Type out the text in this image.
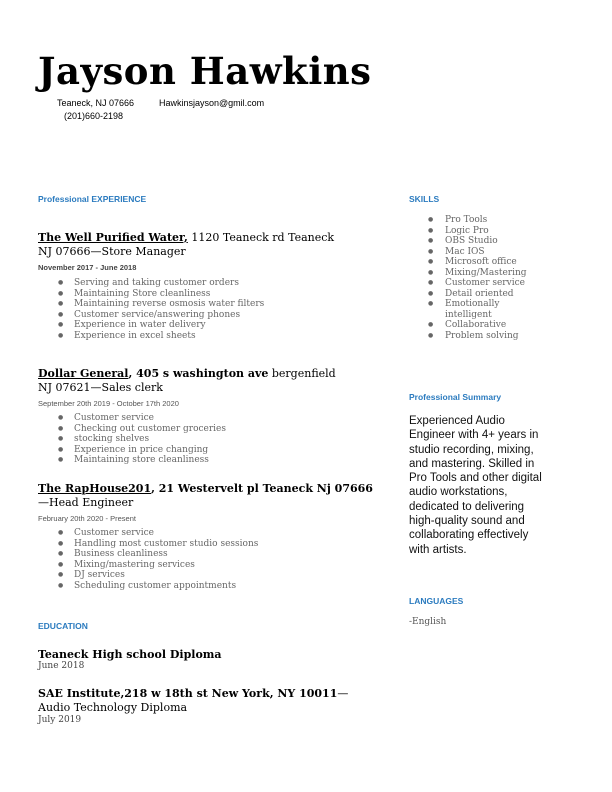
Jayson Hawkins
Teaneck, NJ 07666	Hawkinsjayson@gmil.com
(201)660-2198
Professional EXPERIENCE
The Well Purified Water, 1120 Teaneck rd Teaneck NJ 07666—Store Manager
November 2017 - June 2018
● Serving and taking customer orders
● Maintaining Store cleanliness
● Maintaining reverse osmosis water filters
● Customer service/answering phones
● Experience in water delivery
● Experience in excel sheets
Dollar General, 405 s washington ave bergenfield NJ 07621—Sales clerk
September 20th 2019 - October 17th 2020
● Customer service
● Checking out customer groceries
● stocking shelves
● Experience in price changing
● Maintaining store cleanliness
The RapHouse201, 21 Westervelt pl Teaneck Nj 07666—Head Engineer
February 20th 2020 - Present
● Customer service
● Handling most customer studio sessions
● Business cleanliness
● Mixing/mastering services
● DJ services
● Scheduling customer appointments
EDUCATION
Teaneck High school Diploma
June 2018
SAE Institute,218 w 18th st New York, NY 10011—Audio Technology Diploma
July 2019
SKILLS
● Pro Tools
● Logic Pro
● OBS Studio
● Mac IOS
● Microsoft office
● Mixing/Mastering
● Customer service
● Detail oriented
● Emotionally
intelligent
● Collaborative
● Problem solving
Professional Summary
Experienced Audio Engineer with 4+ years in studio recording, mixing, and mastering. Skilled in Pro Tools and other digital audio workstations, dedicated to delivering high-quality sound and collaborating effectively with artists.
LANGUAGES
-English
